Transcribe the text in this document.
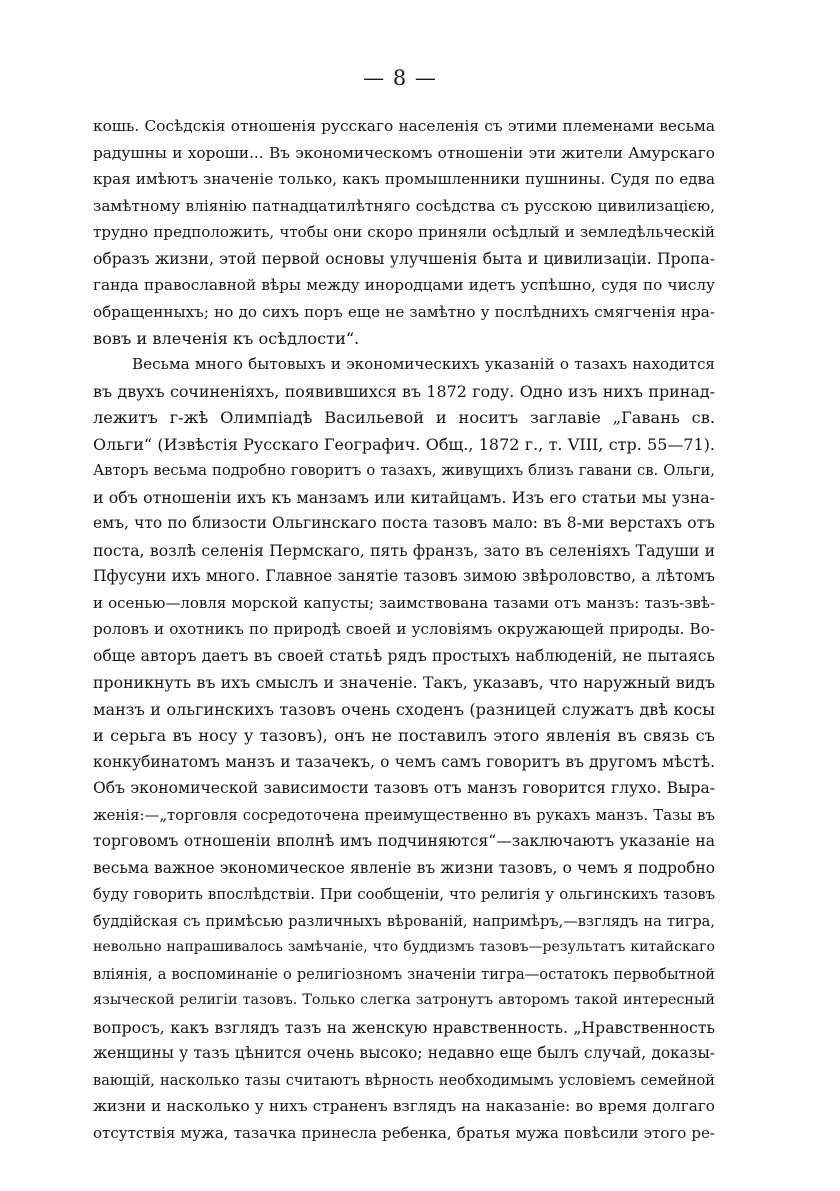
— 8 —
кошь. Сосѣдскія отношенія русскаго населенія съ этими племенами весьма
радушны и хороши... Въ экономическомъ отношеніи эти жители Амурскаго
края имѣютъ значеніе только, какъ промышленники пушнины. Судя по едва
замѣтному вліянію патнадцатилѣтняго сосѣдства съ русскою цивилизацією,
трудно предположить, чтобы они скоро приняли осѣдлый и земледѣльческій
образъ жизни, этой первой основы улучшенія быта и цивилизаціи. Пропа-
ганда православной вѣры между инородцами идетъ успѣшно, судя по числу
обращенныхъ; но до сихъ поръ еще не замѣтно у послѣднихъ смягченія нра-
вовъ и влеченія къ осѣдлости“.
Весьма много бытовыхъ и экономическихъ указаній о тазахъ находится
въ двухъ сочиненіяхъ, появившихся въ 1872 году. Одно изъ нихъ принад-
лежитъ г-жѣ Олимпіадѣ Васильевой и носитъ заглавіе „Гавань св.
Ольги“ (Извѣстія Русскаго Географич. Общ., 1872 г., т. VIII, стр. 55—71).
Авторъ весьма подробно говоритъ о тазахъ, живущихъ близъ гавани св. Ольги,
и объ отношеніи ихъ къ манзамъ или китайцамъ. Изъ его статьи мы узна-
емъ, что по близости Ольгинскаго поста тазовъ мало: въ 8-ми верстахъ отъ
поста, возлѣ селенія Пермскаго, пять франзъ, зато въ селеніяхъ Тадуши и
Пфусуни ихъ много. Главное занятіе тазовъ зимою звѣроловство, а лѣтомъ
и осенью—ловля морской капусты; заимствована тазами отъ манзъ: тазъ-звѣ-
роловъ и охотникъ по природѣ своей и условіямъ окружающей природы. Во-
обще авторъ даетъ въ своей статьѣ рядъ простыхъ наблюденій, не пытаясь
проникнуть въ ихъ смыслъ и значеніе. Такъ, указавъ, что наружный видъ
манзъ и ольгинскихъ тазовъ очень сходенъ (разницей служатъ двѣ косы
и серьга въ носу у тазовъ), онъ не поставилъ этого явленія въ связь съ
конкубинатомъ манзъ и тазачекъ, о чемъ самъ говоритъ въ другомъ мѣстѣ.
Объ экономической зависимости тазовъ отъ манзъ говорится глухо. Выра-
женія:—„торговля сосредоточена преимущественно въ рукахъ манзъ. Тазы въ
торговомъ отношеніи вполнѣ имъ подчиняются“—заключаютъ указаніе на
весьма важное экономическое явленіе въ жизни тазовъ, о чемъ я подробно
буду говорить впослѣдствіи. При сообщеніи, что религія у ольгинскихъ тазовъ
буддійская съ примѣсью различныхъ вѣрованій, напримѣръ,—взглядъ на тигра,
невольно напрашивалось замѣчаніе, что буддизмъ тазовъ—результатъ китайскаго
вліянія, а воспоминаніе о религіозномъ значеніи тигра—остатокъ первобытной
языческой религіи тазовъ. Только слегка затронутъ авторомъ такой интересный
вопросъ, какъ взглядъ тазъ на женскую нравственность. „Нравственность
женщины у тазъ цѣнится очень высоко; недавно еще былъ случай, доказы-
вающій, насколько тазы считаютъ вѣрность необходимымъ условіемъ семейной
жизни и насколько у нихъ страненъ взглядъ на наказаніе: во время долгаго
отсутствія мужа, тазачка принесла ребенка, братья мужа повѣсили этого ре-
